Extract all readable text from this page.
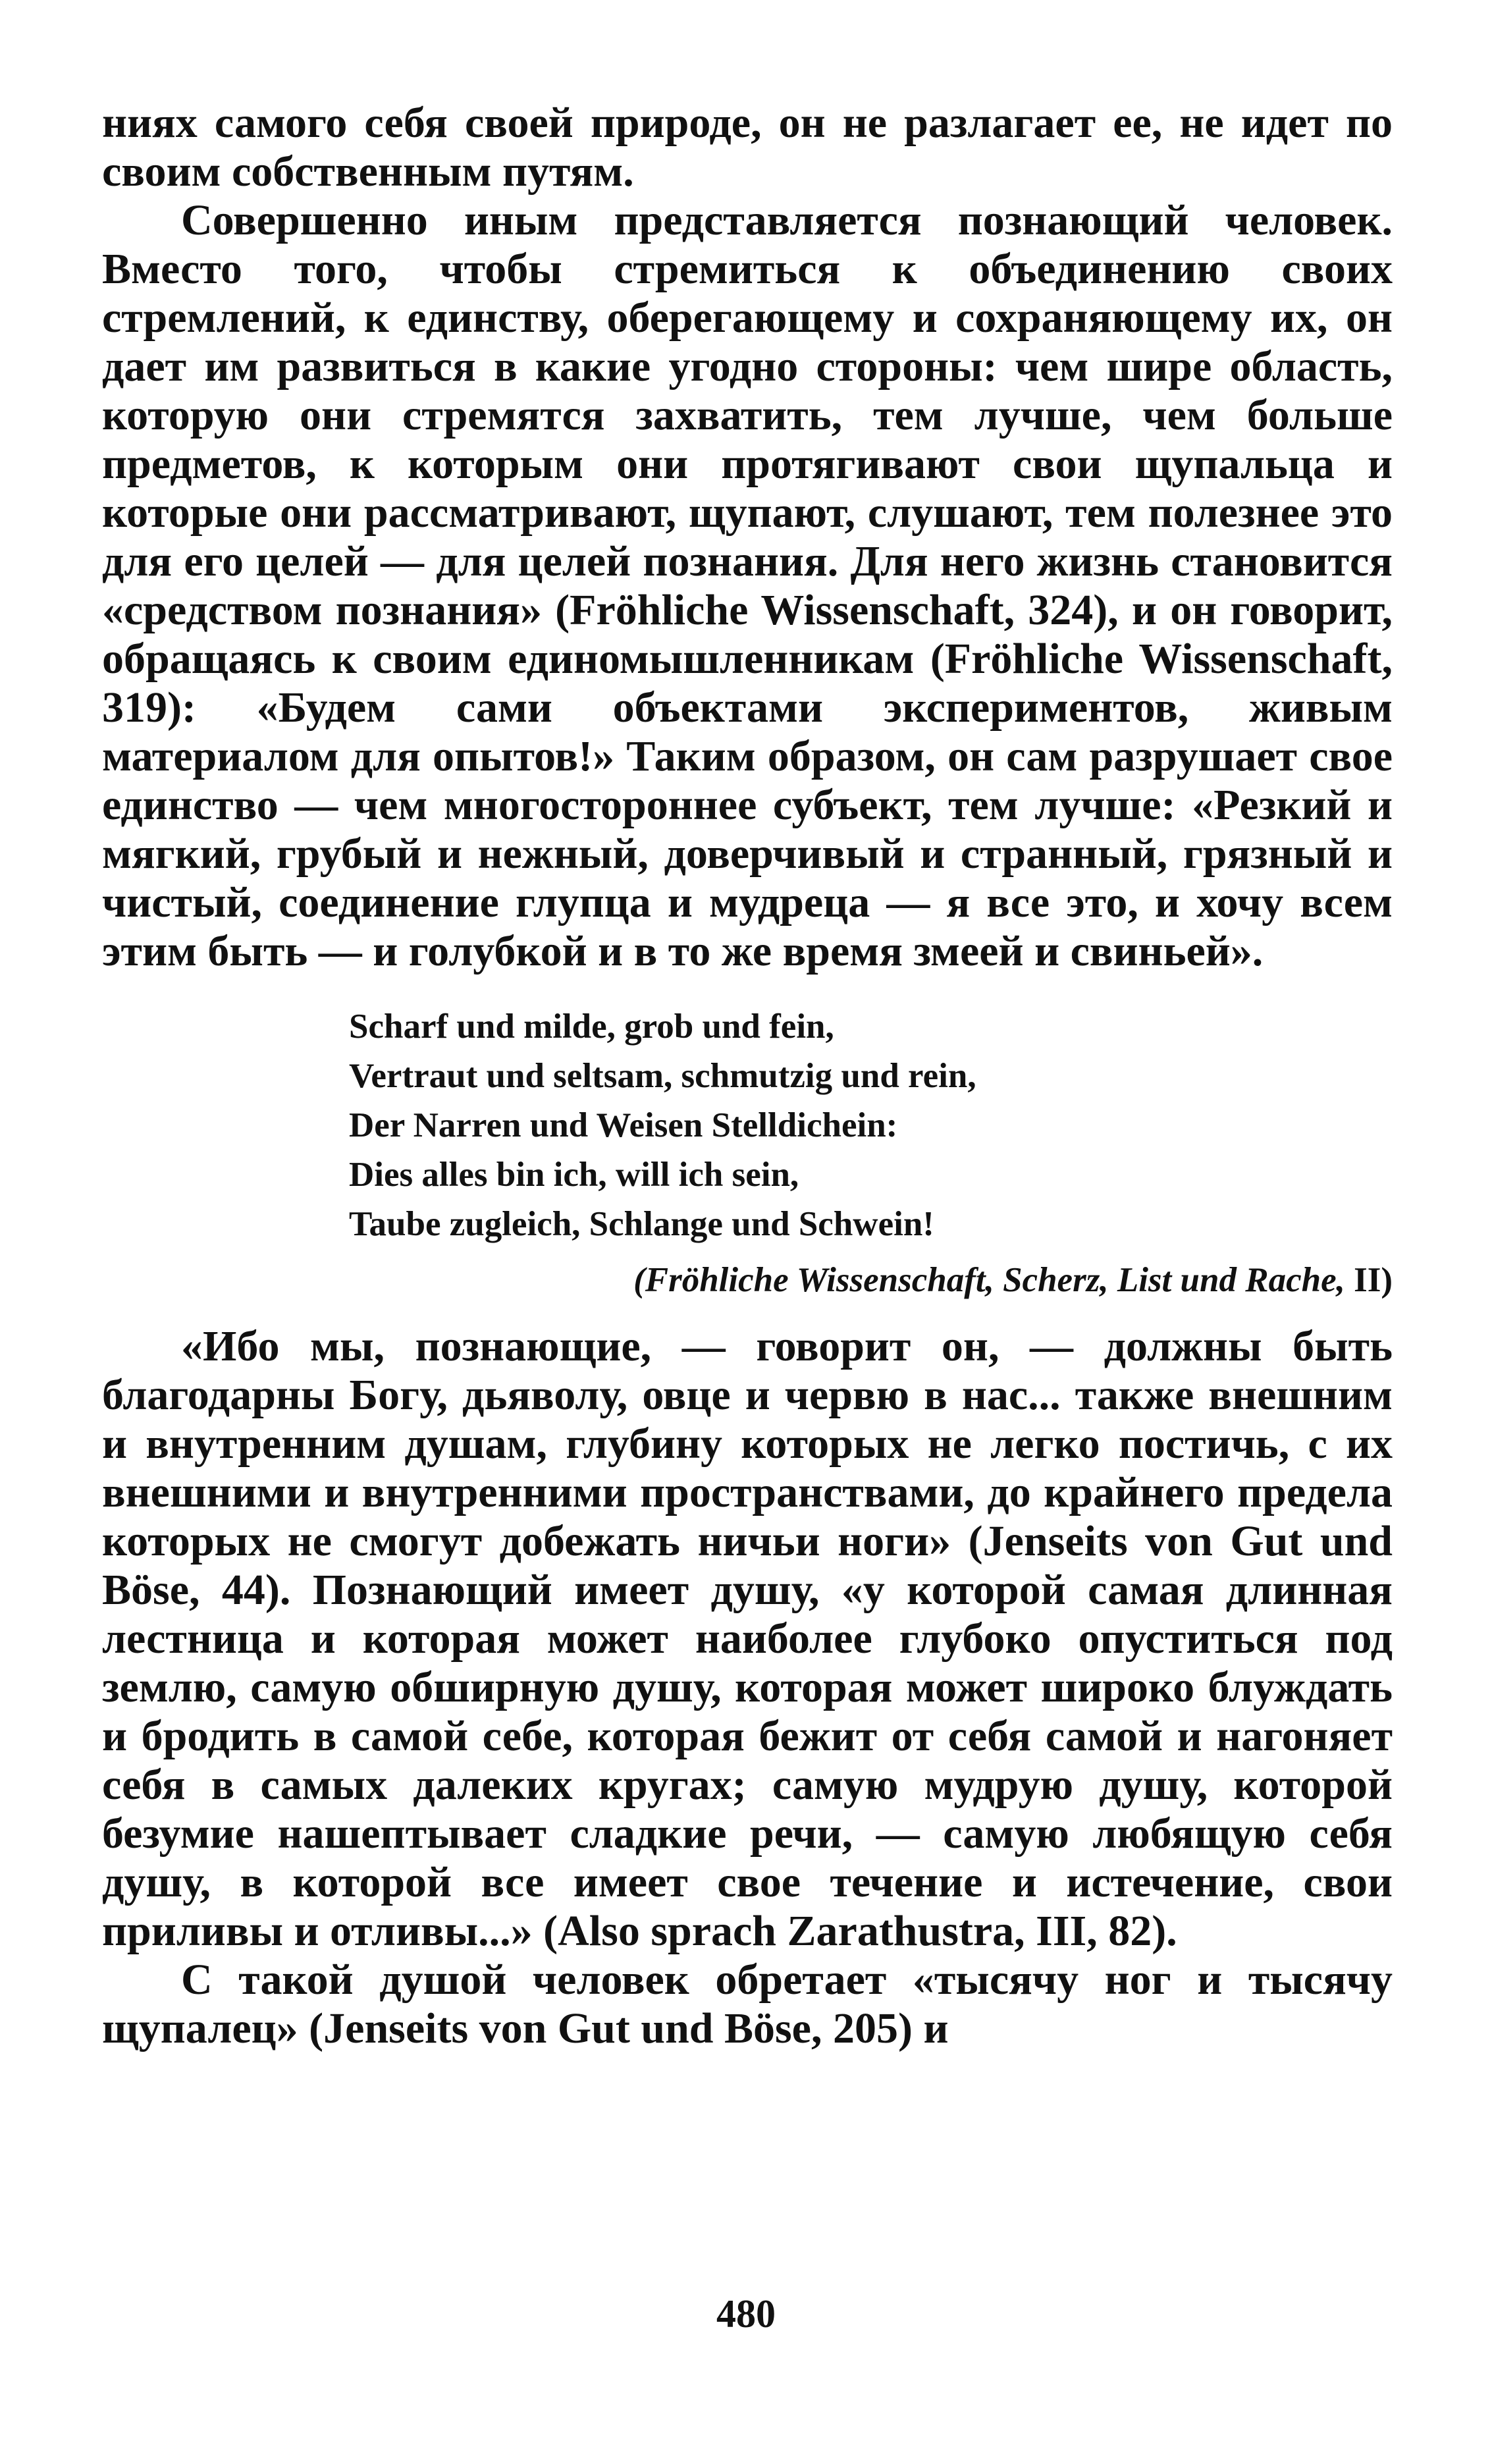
ниях самого себя своей природе, он не разлагает ее, не идет по своим собственным путям.

Совершенно иным представляется познающий человек. Вместо того, чтобы стремиться к объединению своих стремлений, к единству, оберегающему и сохраняющему их, он дает им развиться в какие угодно стороны: чем шире область, которую они стремятся захватить, тем лучше, чем больше предметов, к которым они протягивают свои щупальца и которые они рассматривают, щупают, слушают, тем полезнее это для его целей — для целей познания. Для него жизнь становится «средством познания» (Fröhliche Wissenschaft, 324), и он говорит, обращаясь к своим единомышленникам (Fröhliche Wissenschaft, 319): «Будем сами объектами экспериментов, живым материалом для опытов!» Таким образом, он сам разрушает свое единство — чем многостороннее субъект, тем лучше: «Резкий и мягкий, грубый и нежный, доверчивый и странный, грязный и чистый, соединение глупца и мудреца — я все это, и хочу всем этим быть — и голубкой и в то же время змеей и свиньей».

Scharf und milde, grob und fein,
Vertraut und seltsam, schmutzig und rein,
Der Narren und Weisen Stelldichein:
Dies alles bin ich, will ich sein,
Taube zugleich, Schlange und Schwein!
(Fröhliche Wissenschaft, Scherz, List und Rache, II)

«Ибо мы, познающие, — говорит он, — должны быть благодарны Богу, дьяволу, овце и червю в нас... также внешним и внутренним душам, глубину которых не легко постичь, с их внешними и внутренними пространствами, до крайнего предела которых не смогут добежать ничьи ноги» (Jenseits von Gut und Böse, 44). Познающий имеет душу, «у которой самая длинная лестница и которая может наиболее глубоко опуститься под землю, самую обширную душу, которая может широко блуждать и бродить в самой себе, которая бежит от себя самой и нагоняет себя в самых далеких кругах; самую мудрую душу, которой безумие нашептывает сладкие речи, — самую любящую себя душу, в которой все имеет свое течение и истечение, свои приливы и отливы...» (Also sprach Zarathustra, III, 82).

С такой душой человек обретает «тысячу ног и тысячу щупалец» (Jenseits von Gut und Böse, 205) и

480
